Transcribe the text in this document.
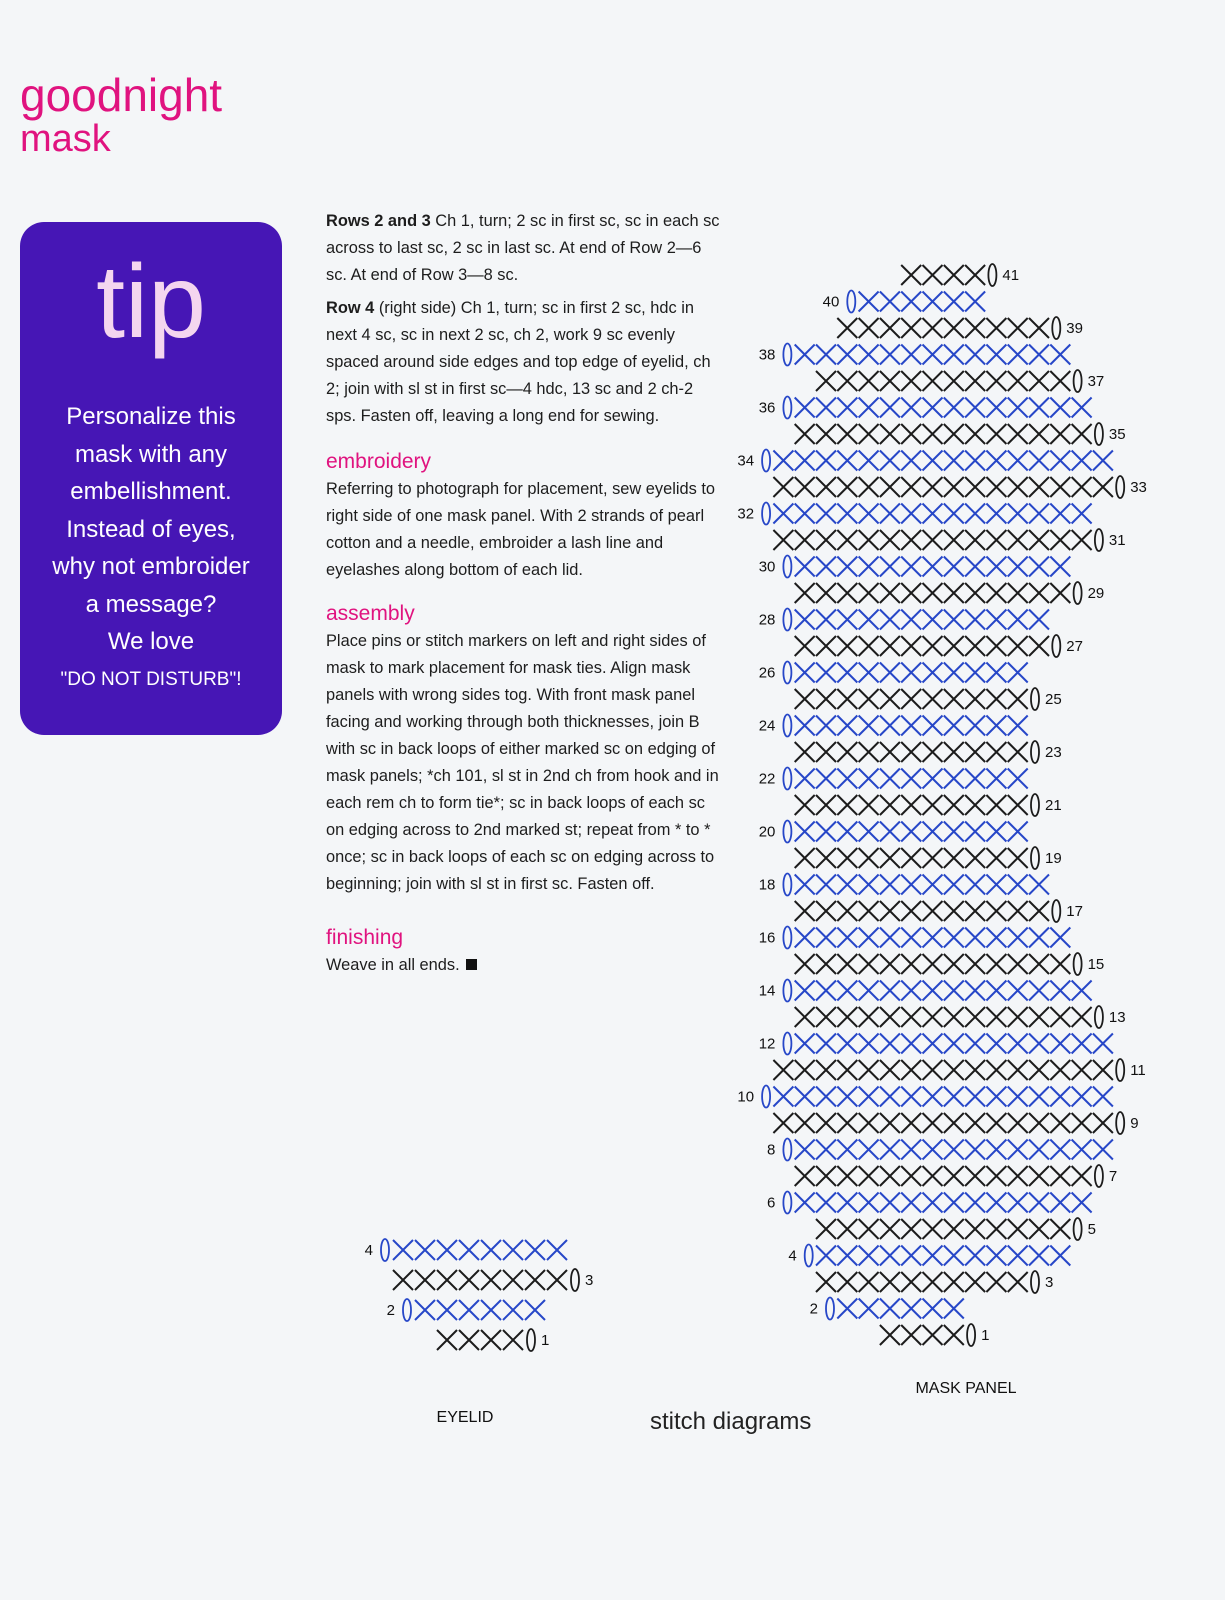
goodnight
mask
tip
Personalize this
mask with any
embellishment.
Instead of eyes,
why not embroider
a message?
We love
"DO NOT DISTURB"!
Rows 2 and 3 Ch 1, turn; 2 sc in first sc, sc in each sc across to last sc, 2 sc in last sc. At end of Row 2—6 sc. At end of Row 3—8 sc.
Row 4 (right side) Ch 1, turn; sc in first 2 sc, hdc in next 4 sc, sc in next 2 sc, ch 2, work 9 sc evenly spaced around side edges and top edge of eyelid, ch 2; join with sl st in first sc—4 hdc, 13 sc and 2 ch-2 sps. Fasten off, leaving a long end for sewing.
embroidery
Referring to photograph for placement, sew eyelids to right side of one mask panel. With 2 strands of pearl cotton and a needle, embroider a lash line and eyelashes along bottom of each lid.
assembly
Place pins or stitch markers on left and right sides of mask to mark placement for mask ties. Align mask panels with wrong sides tog. With front mask panel facing and working through both thicknesses, join B with sc in back loops of either marked sc on edging of mask panels; *ch 101, sl st in 2nd ch from hook and in each rem ch to form tie*; sc in back loops of each sc on edging across to 2nd marked st; repeat from * to * once; sc in back loops of each sc on edging across to beginning; join with sl st in first sc. Fasten off.
finishing
Weave in all ends.
1
2
3
4
5
6
7
8
9
10
11
12
13
14
15
16
17
18
19
20
21
22
23
24
25
26
27
28
29
30
31
32
33
34
35
36
37
38
39
40
41
MASK PANEL
1
2
3
4
EYELID	stitch diagrams
